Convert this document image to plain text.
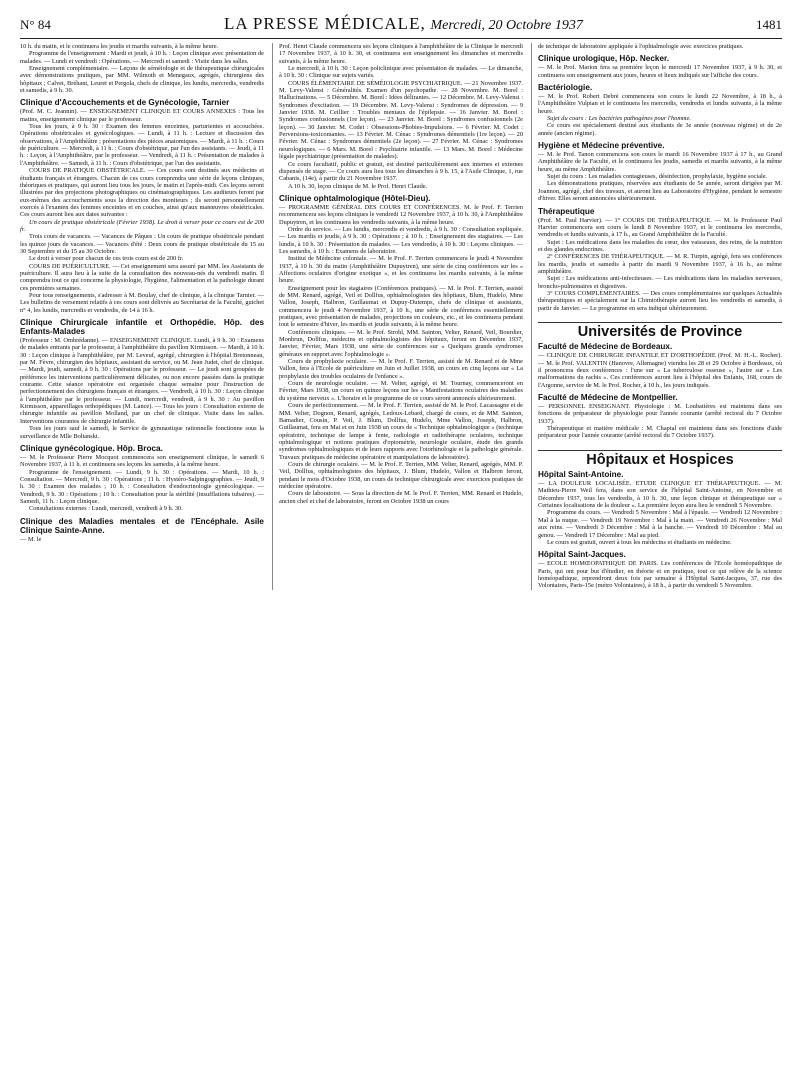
N° 84	LA PRESSE MÉDICALE, Mercredi, 20 Octobre 1937	1481

10 h. du matin, et le continuera les jeudis et mardis suivants, à la même heure.

Programme de l'enseignement : Mardi et jeudi, à 10 h. : Leçon clinique avec présentation de malades. — Lundi et vendredi : Opérations. — Mercredi et samedi : Visite dans les salles.

Enseignement complémentaire. — Leçons de séméiologie et de thérapeutique chirurgicales avec démonstrations pratiques, par MM. Wilmoth et Menegaux, agrégés, chirurgiens des hôpitaux ; Calvet, Bréhant, Leuret et Pergola, chefs de clinique, les lundis, mercredis, vendredis et samedis, à 9 h. 30.

Clinique d'Accouchements et de Gynécologie, Tarnier

(Prof. M. C. Jeannin). — ENSEIGNEMENT CLINIQUE ET COURS ANNEXES : Tous les matins, enseignement clinique par le professeur.

Tous les jours, à 9 h. 30 : Examen des femmes enceintes, parturientes et accouchées. Opérations obstétricales et gynécologiques. — Lundi, à 11 h. : Lecture et discussion des observations, à l'Amphithéâtre ; présentations des pièces anatomiques. — Mardi, à 11 h. : Cours de puériculture. — Mercredi, à 11 h. : Cours d'obstétrique, par l'un des assistants. — Jeudi, à 11 h. : Leçon, à l'Amphithéâtre, par le professeur. — Vendredi, à 11 h. : Présentation de malades à l'Amphithéâtre. — Samedi, à 11 h. : Cours d'obstétrique, par l'un des assistants.

COURS DE PRATIQUE OBSTÉTRICALE. — Ces cours sont destinés aux médecins et étudiants français et étrangers. Chacun de ces cours comprendra une série de leçons cliniques, théoriques et pratiques, qui auront lieu tous les jours, le matin et l'après-midi. Ces leçons seront illustrées par des projections photographiques ou cinématographiques. Les auditeurs feront par eux-mêmes des accouchements sous la direction des moniteurs ; ils seront personnellement exercés à l'examen des femmes enceintes et en couches, ainsi qu'aux manœuvres obstétricales. Ces cours auront lieu aux dates suivantes :

Un cours de pratique obstétricale (Février 1938). Le droit à verser pour ce cours est de 200 fr.

Trois cours de vacances. — Vacances de Pâques : Un cours de pratique obstétricale pendant les quinze jours de vacances. — Vacances d'été : Deux cours de pratique obstétricale du 15 au 30 Septembre et du 15 au 30 Octobre.

Le droit à verser pour chacun de ces trois cours est de 200 fr.

COURS DE PUÉRICULTURE. — Cet enseignement sera assuré par MM. les Assistants de puériculture. Il aura lieu à la suite de la consultation des nouveau-nés du vendredi matin. Il comprendra tout ce qui concerne la physiologie, l'hygiène, l'alimentation et la pathologie durant ces premières semaines.

Pour tous renseignements, s'adresser à M. Boulay, chef de clinique, à la clinique Tarnier. — Les bulletins de versement relatifs à ces cours sont délivrés au Secrétariat de la Faculté, guichet n° 4, les lundis, mercredis et vendredis, de 14 à 16 h.

Clinique Chirurgicale infantile et Orthopédie. Hôp. des Enfants-Malades

(Professeur : M. Ombrédanne). — ENSEIGNEMENT CLINIQUE. Lundi, à 9 h. 30 : Examens de malades entrants par le professeur, à l'amphithéâtre du pavillon Kirmisson. — Mardi, à 10 h. 30 : Leçon clinique à l'amphithéâtre, par M. Leveuf, agrégé, chirurgien à l'hôpital Bretonneau, par M. Fèvre, chirurgien des hôpitaux, assistant du service, ou M. Jean Judet, chef de clinique. — Mardi, jeudi, samedi, à 9 h. 30 : Opérations par le professeur. — Le jeudi sont groupées de préférence les interventions particulièrement délicates, ou non encore passées dans la pratique courante. Cette séance opératoire est organisée chaque semaine pour l'instruction de perfectionnement des chirurgiens français et étrangers. — Vendredi, à 10 h. 30 : Leçon clinique à l'amphithéâtre par le professeur. — Lundi, mercredi, vendredi, à 9 h. 30 : Au pavillon Kirmisson, appareillages orthopédiques (M. Lance). — Tous les jours : Consultation externe de chirurgie infantile au pavillon Molland, par un chef de clinique. Visite dans les salles. Interventions courantes de chirurgie infantile.

Tous les jours sauf le samedi, le Service de gymnastique rationnelle fonctionne sous la surveillance de Mlle Boltanski.

Clinique gynécologique. Hôp. Broca.

— M. le Professeur Pierre Mocquot commencera son enseignement clinique, le samedi 6 Novembre 1937, à 11 h. et continuera ses leçons les samedis, à la même heure.

Programme de l'enseignement. — Lundi, 9 h. 30 : Opérations. — Mardi, 10 h. : Consultation. — Mercredi, 9 h. 30 : Opérations ; 11 h. : Hystéro-Salpingographies. — Jeudi, 9 h. 30 : Examen des malades ; 10 h. : Consultation d'endocrinologie gynécologique. — Vendredi, 9 h. 30 : Opérations ; 10 h. : Consultation pour la stérilité (insufflations tubaires). — Samedi, 11 h. : Leçon clinique.

Consultations externes : Lundi, mercredi, vendredi à 9 h. 30.

Clinique des Maladies mentales et de l'Encéphale. Asile Clinique Sainte-Anne.

— M. le

Prof. Henri Claude commencera ses leçons cliniques à l'amphithéâtre de la Clinique le mercredi 17 Novembre 1937, à 10 h. 30, et continuera son enseignement les dimanches et mercredis suivants, à la même heure.

Le mercredi, à 10 h. 30 : Leçon policlinique avec présentation de malades. — Le dimanche, à 10 h. 30 : Clinique sur sujets variés.

COURS ÉLÉMENTAIRE DE SÉMÉIOLOGIE PSYCHIATRIQUE. — 21 Novembre 1937. M. Levy-Valensi : Généralités. Examen d'un psychopathe. — 28 Novembre. M. Borel : Hallucinations. — 5 Décembre. M. Borel : Idées délirantes. — 12 Décembre. M. Levy-Valensi : Syndromes d'excitation. — 19 Décembre. M. Levy-Valensi : Syndromes de dépression. — 9 Janvier 1938. M. Ceillier : Troubles mentaux de l'épilepsie. — 16 Janvier. M. Borel : Syndromes confusionnels (1re leçon). — 23 Janvier. M. Borel : Syndromes confusionnels (2e leçon). — 30 Janvier. M. Codet : Obsessions-Phobies-Impulsions. — 6 Février. M. Codet : Perversions-toxicomanies. — 13 Février. M. Cénac : Syndromes démentiels (1re leçon). — 20 Février. M. Cénac : Syndromes démentiels (2e leçon). — 27 Février. M. Cénac : Syndromes neurologiques. — 6 Mars. M. Borel : Psychiatrie infantile. — 13 Mars. M. Borel : Médecine légale psychiatrique (présentation de malades).

Ce cours facultatif, public et gratuit, est destiné particulièrement aux internes et externes dispensés de stage. — Ce cours aura lieu tous les dimanches à 9 h. 15, à l'Asile Clinique, 1, rue Cabanis, (14e), à partir du 21 Novembre 1937.

A 10 h. 30, leçon clinique de M. le Prof. Henri Claude.

Clinique ophtalmologique (Hôtel-Dieu).

— PROGRAMME GÉNÉRAL DES COURS ET CONFÉRENCES. M. le Prof. F. Terrien recommencera ses leçons cliniques le vendredi 12 Novembre 1937, à 10 h. 30, à l'Amphithéâtre Dupuytren, et les continuera les vendredis suivants, à la même heure.

Ordre du service. — Les lundis, mercredis et vendredis, à 9 h. 30 : Consultation expliquée. — Les mardis et jeudis, à 9 h. 30 : Opérations ; à 10 h. : Enseignement des stagiaires. — Les lundis, à 10 h. 30 : Présentation de malades. — Les vendredis, à 10 h. 30 : Leçons cliniques. — Les samedis, à 10 h. : Examens de laboratoire.

Institut de Médecine coloniale. — M. le Prof. F. Terrien commencera le jeudi 4 Novembre 1937, à 10 h. 30 du matin (Amphithéâtre Dupuytren), une série de cinq conférences sur les « Affections oculaires d'origine exotique », et les continuera les mardis suivants, à la même heure.

Enseignement pour les stagiaires (Conférences pratiques). — M. le Prof. F. Terrien, assisté de MM. Renard, agrégé, Veil et Dollfus, ophtalmologistes des hôpitaux, Blum, Hudelo, Mme Vallon, Joseph, Halbron, Guillaumat et Dupuy-Dutemps, chefs de clinique et assistants, commencera le jeudi 4 Novembre 1937, à 10 h., une série de conférences essentiellement pratiques, avec présentation de malades, projections en couleurs, etc., et les continuera pendant tout le semestre d'hiver, les mardis et jeudis suivants, à la même heure.

Conférences cliniques. — M. le Prof. Strohl, MM. Sainton, Velter, Renard, Veil, Bourdier, Monbrun, Dollfus, médecins et ophtalmologistes des hôpitaux, feront en Décembre 1937, Janvier, Février, Mars 1938, une série de conférences sur « Quelques grands syndromes généraux en rapport avec l'ophtalmologie ».

Cours de prophylaxie oculaire. — M. le Prof. F. Terrien, assisté de M. Renard et de Mme Vallon, fera à l'Ecole de puériculture en Juin et Juillet 1938, un cours en cinq leçons sur « La prophylaxie des troubles oculaires de l'enfance ».

Cours de neurologie oculaire. — M. Velter, agrégé, et M. Tournay, commenceront en Février, Mars 1938, un cours en quinze leçons sur les « Manifestations oculaires des maladies du système nerveux ». L'horaire et le programme de ce cours seront annoncés ultérieurement.

Cours de perfectionnement. — M. le Prof. F. Terrien, assisté de M. le Prof. Lacassagne et de MM. Velter, Dognon, Renard, agrégés, Ledoux-Lebard, chargé de cours, et de MM. Sainton, Bamadier, Cousin, P. Veil, J. Blum, Dollfus, Hudelo, Mme Vallon, Joseph, Halbron, Guillaumat, fera en Mai et en Juin 1938 un cours de « Technique ophtalmologique » (technique opératoire, technique de lampe à fente, radiologie et radiothérapie oculaires, technique ophtalmologique et notions pratiques d'optométrie, neurologie oculaire, étude des grands syndromes ophtalmologiques et de leurs rapports avec l'otorhinologie et la pathologie générale. Travaux pratiques de médecine opératoire et manipulations de laboratoire).

Cours de chirurgie oculaire. — M. le Prof. F. Terrien, MM. Velter, Renard, agrégés, MM. P. Veil, Dollfus, ophtalmologistes des hôpitaux, J. Blum, Hudelo, Vallon et Halbron feront, pendant le mois d'Octobre 1938, un cours de technique chirurgicale avec exercices pratiques de médecine opératoire.

Cours de laboratoire. — Sous la direction de M. le Prof. F. Terrien, MM. Renard et Hudelo, ancien chef et chef de laboratoire, feront en Octobre 1938 un cours

de technique de laboratoire appliquée à l'ophtalmologie avec exercices pratiques.

Clinique urologique, Hôp. Necker.

— M. le Prof. Marion fera sa première leçon le mercredi 17 Novembre 1937, à 9 h. 30, et continuera son enseignement aux jours, heures et lieux indiqués sur l'affiche des cours.

Bactériologie.

— M. le Prof. Robert Debré commencera son cours le lundi 22 Novembre, à 18 h., à l'Amphithéâtre Vulpian et le continuera les mercredis, vendredis et lundis suivants, à la même heure.

Sujet du cours : Les bactéries pathogènes pour l'homme.

Ce cours est spécialement destiné aux étudiants de 3e année (nouveau régime) et de 2e année (ancien régime).

Hygiène et Médecine préventive.

— M. le Prof. Tanon commencera son cours le mardi 16 Novembre 1937 à 17 h., au Grand Amphithéâtre de la Faculté, et le continuera les jeudis, samedis et mardis suivants, à la même heure, au même Amphithéâtre.

Sujet du cours : Les maladies contagieuses, désinfection, prophylaxie, hygiène sociale.

Les démonstrations pratiques, réservées aux étudiants de 5e année, seront dirigées par M. Joannon, agrégé, chef des travaux, et auront lieu au Laboratoire d'Hygiène, pendant le semestre d'hiver. Elles seront annoncées ultérieurement.

Thérapeutique

(Prof. M. Paul Harvier). — 1° COURS DE THÉRAPEUTIQUE. — M. le Professeur Paul Harvier commencera son cours le lundi 8 Novembre 1937, et le continuera les mercredis, vendredis et lundis suivants, à 17 h., au Grand Amphithéâtre de la Faculté.

Sujet : Les médications dans les maladies du cœur, des vaisseaux, des reins, de la nutrition et des glandes endocrines.

2° CONFÉRENCES DE THÉRAPEUTIQUE. — M. R. Turpin, agrégé, fera ses conférences les mardis, jeudis et samedis à partir du mardi 9 Novembre 1937, à 16 h., au même amphithéâtre.

Sujet : Les médications anti-infectieuses. — Les médications dans les maladies nerveuses, broncho-pulmonaires et digestives.

3° COURS COMPLÉMENTAIRES. — Des cours complémentaires sur quelques Actualités thérapeutiques et spécialement sur la Chimiothérapie auront lieu les vendredis et samedis, à partir de Janvier. — Le programme en sera indiqué ultérieurement.

Universités de Province
Faculté de Médecine de Bordeaux.

— CLINIQUE DE CHIRURGIE INFANTILE ET D'ORTHOPÉDIE (Prof. M. H.-L. Rocher). — M. le Prof. VALENTIN (Hanovre, Allemagne) viendra les 28 et 29 Octobre à Bordeaux, où il prononcera deux conférences : l'une sur « La tuberculose osseuse », l'autre sur « Les malformations du rachis ». Ces conférences auront lieu à l'hôpital des Enfants, 168, cours de l'Argonne, service de M. le Prof. Rocher, à 10 h., les jours indiqués.

Faculté de Médecine de Montpellier.

— PERSONNEL ENSEIGNANT. Physiologie : M. Loubatières est maintenu dans ses fonctions de préparateur de physiologie pour l'année courante (arrêté rectoral du 7 Octobre 1937).

Thérapeutique et matière médicale : M. Chaptal est maintenu dans ses fonctions d'aide préparateur pour l'année courante (arrêté rectoral du 7 Octobre 1937).

Hôpitaux et Hospices
Hôpital Saint-Antoine.

— LA DOULEUR LOCALISÉE. ETUDE CLINIQUE ET THÉRAPEUTIQUE. — M. Mathieu-Pierre Weil fera, dans son service de l'hôpital Saint-Antoine, en Novembre et Décembre 1937, tous les vendredis, à 10 h. 30, une leçon clinique et thérapeutique sur « Certaines localisations de la douleur ». La première leçon aura lieu le vendredi 5 Novembre.

Programme du cours. — Vendredi 5 Novembre : Mal à l'épaule. — Vendredi 12 Novembre : Mal à la nuque. — Vendredi 19 Novembre : Mal à la main. — Vendredi 26 Novembre : Mal aux reins. — Vendredi 3 Décembre : Mal à la hanche. — Vendredi 10 Décembre : Mal au genou. — Vendredi 17 Décembre : Mal au pied.

Le cours est gratuit, ouvert à tous les médecins et étudiants en médecine.

Hôpital Saint-Jacques.

— ECOLE HOMŒOPATHIQUE DE PARIS. Les conférences de l'Ecole homéopathique de Paris, qui ont pour but d'étudier, en théorie et en pratique, tout ce qui relève de la science homéopathique, reprendront deux fois par semaine à l'Hôpital Saint-Jacques, 37, rue des Volontaires, Paris-15e (métro Volontaires), à 18 h., à partir du vendredi 5 Novembre.
